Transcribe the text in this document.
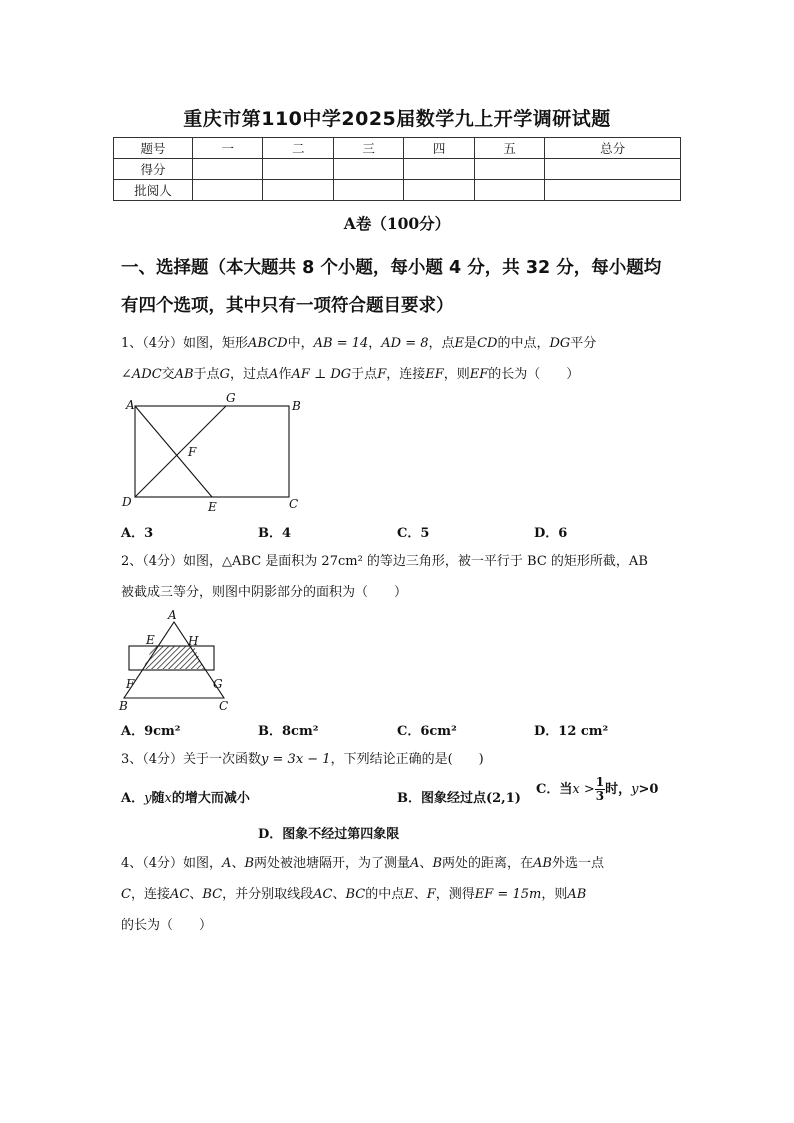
重庆市第110中学2025届数学九上开学调研试题
题号	一	二	三	四	五	总分
得分						
批阅人						
A卷（100分）
一、选择题（本大题共 8 个小题，每小题 4 分，共 32 分，每小题均
有四个选项，其中只有一项符合题目要求）
1、（4分）如图，矩形ABCD中，AB = 14，AD = 8，点E是CD的中点，DG平分
∠ADC交AB于点G，过点A作AF ⊥ DG于点F，连接EF，则EF的长为（　　）
A	G
B
F
D	E	C
A．3	B．4	C．5	D．6
2、（4分）如图，△ABC 是面积为 27cm² 的等边三角形，被一平行于 BC 的矩形所截，AB
被截成三等分，则图中阴影部分的面积为（　　）
A
E	H
F	G
B	C
A．9cm²	B．8cm²	C．6cm²	D．12 cm²
3、（4分）关于一次函数y = 3x − 1，下列结论正确的是(　　)
A．y随x的增大而减小	B．图象经过点(2,1)
C．当$x > \frac{1}{3}$ 时，y>0
D．图象不经过第四象限
4、（4分）如图，A、B两处被池塘隔开，为了测量A、B两处的距离，在AB外选一点
C，连接AC、BC，并分别取线段AC、BC的中点E、F，测得EF = 15m，则AB
的长为（　　）
